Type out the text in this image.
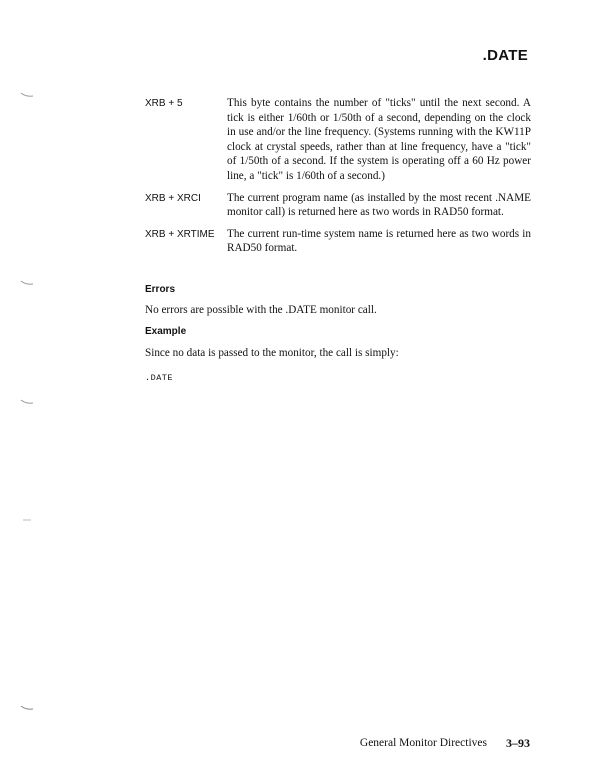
.DATE
XRB + 5	This byte contains the number of "ticks" until the next second. A tick is either 1/60th or 1/50th of a second, depending on the clock in use and/or the line frequency. (Systems running with the KW11P clock at crystal speeds, rather than at line frequency, have a "tick" of 1/50th of a second. If the system is operating off a 60 Hz power line, a "tick" is 1/60th of a second.)
XRB + XRCI	The current program name (as installed by the most recent .NAME monitor call) is returned here as two words in RAD50 format.
XRB + XRTIME	The current run-time system name is returned here as two words in RAD50 format.
Errors
No errors are possible with the .DATE monitor call.
Example
Since no data is passed to the monitor, the call is simply:
.DATE
General Monitor Directives 3–93
